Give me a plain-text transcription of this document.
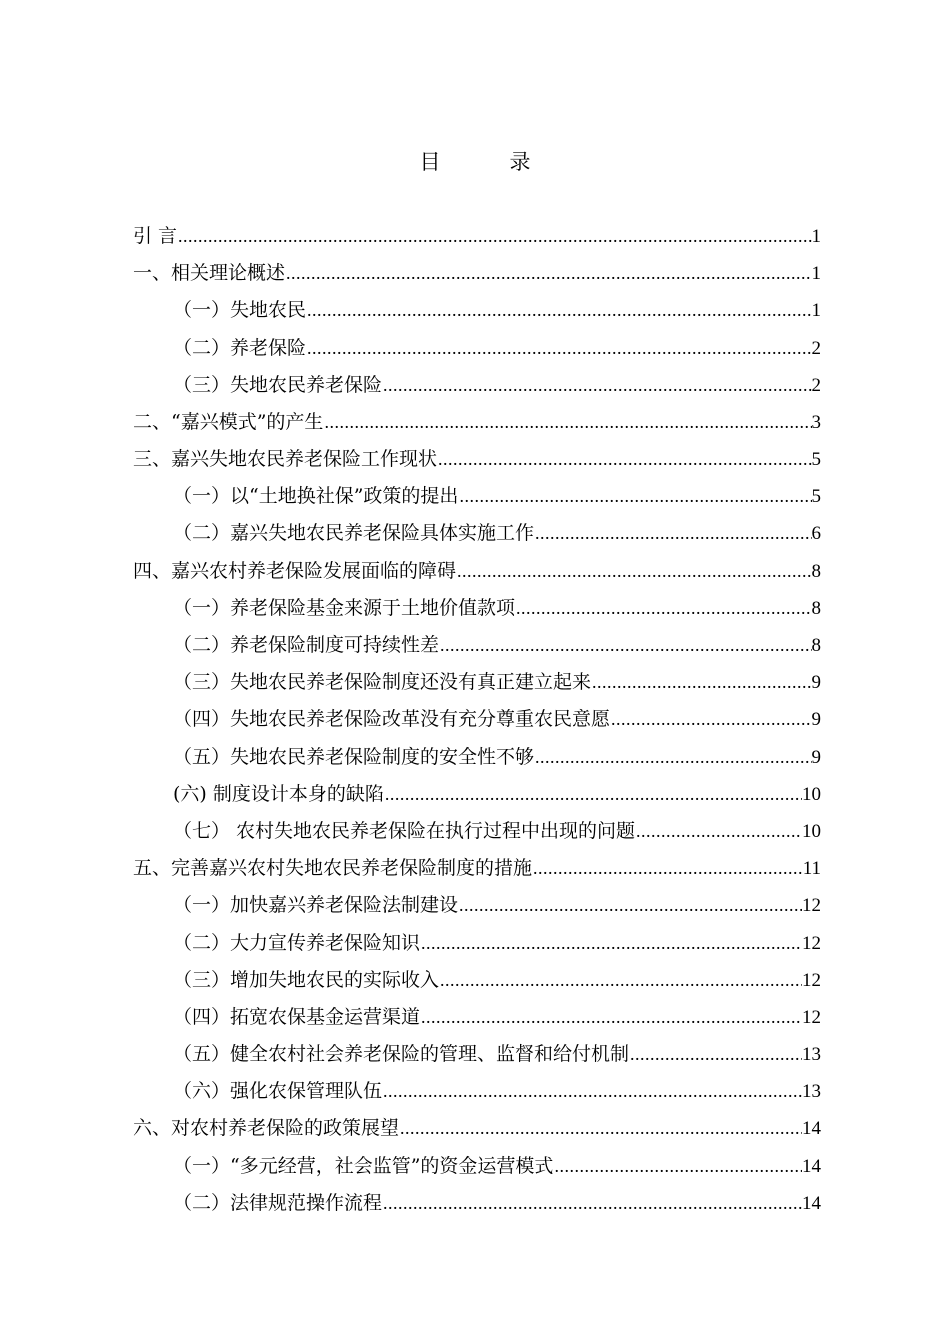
目　录
引 言 .....	1
一、相关理论概述 .....	1
（一）失地农民 .....	1
（二）养老保险 .....	2
（三）失地农民养老保险 .....	2
二、“嘉兴模式”的产生 .....	3
三、嘉兴失地农民养老保险工作现状 .....	5
（一）以“土地换社保”政策的提出 .....	5
（二）嘉兴失地农民养老保险具体实施工作 .....	6
四、嘉兴农村养老保险发展面临的障碍 .....	8
（一）养老保险基金来源于土地价值款项 .....	8
（二）养老保险制度可持续性差 .....	8
（三）失地农民养老保险制度还没有真正建立起来 .....	9
（四）失地农民养老保险改革没有充分尊重农民意愿 .....	9
（五）失地农民养老保险制度的安全性不够 .....	9
(六) 制度设计本身的缺陷 .....	10
（七） 农村失地农民养老保险在执行过程中出现的问题 .....	10
五、完善嘉兴农村失地农民养老保险制度的措施 .....	11
（一）加快嘉兴养老保险法制建设 .....	12
（二）大力宣传养老保险知识 .....	12
（三）增加失地农民的实际收入 .....	12
（四）拓宽农保基金运营渠道 .....	12
（五）健全农村社会养老保险的管理、监督和给付机制 .....	13
（六）强化农保管理队伍 .....	13
六、对农村养老保险的政策展望 .....	14
（一）“多元经营，社会监管”的资金运营模式 .....	14
（二）法律规范操作流程 .....	14
